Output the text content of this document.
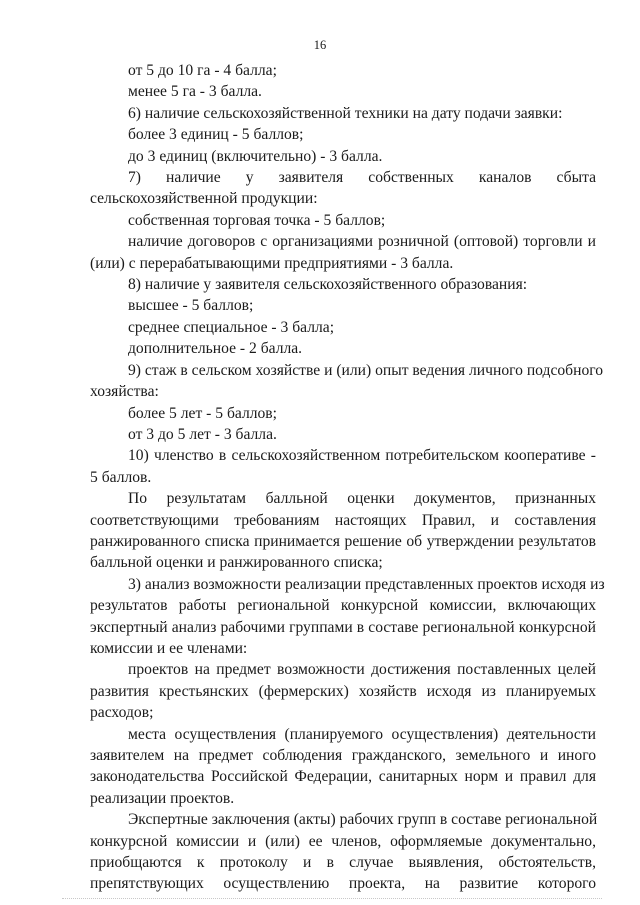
16
от 5 до 10 га - 4 балла;
менее 5 га - 3 балла.
6) наличие сельскохозяйственной техники на дату подачи заявки:
более 3 единиц - 5 баллов;
до 3 единиц (включительно) - 3 балла.
7) наличие у заявителя собственных каналов сбыта
сельскохозяйственной продукции:
собственная торговая точка - 5 баллов;
наличие договоров с организациями розничной (оптовой) торговли и
(или) с перерабатывающими предприятиями - 3 балла.
8) наличие у заявителя сельскохозяйственного образования:
высшее - 5 баллов;
среднее специальное - 3 балла;
дополнительное - 2 балла.
9) стаж в сельском хозяйстве и (или) опыт ведения личного подсобного
хозяйства:
более 5 лет - 5 баллов;
от 3 до 5 лет - 3 балла.
10) членство в сельскохозяйственном потребительском кооперативе -
5 баллов.
По результатам балльной оценки документов, признанных
соответствующими требованиям настоящих Правил, и составления
ранжированного списка принимается решение об утверждении результатов
балльной оценки и ранжированного списка;
3) анализ возможности реализации представленных проектов исходя из
результатов работы региональной конкурсной комиссии, включающих
экспертный анализ рабочими группами в составе региональной конкурсной
комиссии и ее членами:
проектов на предмет возможности достижения поставленных целей
развития крестьянских (фермерских) хозяйств исходя из планируемых
расходов;
места осуществления (планируемого осуществления) деятельности
заявителем на предмет соблюдения гражданского, земельного и иного
законодательства Российской Федерации, санитарных норм и правил для
реализации проектов.
Экспертные заключения (акты) рабочих групп в составе региональной
конкурсной комиссии и (или) ее членов, оформляемые документально,
приобщаются к протоколу и в случае выявления, обстоятельств,
препятствующих осуществлению проекта, на развитие которого
